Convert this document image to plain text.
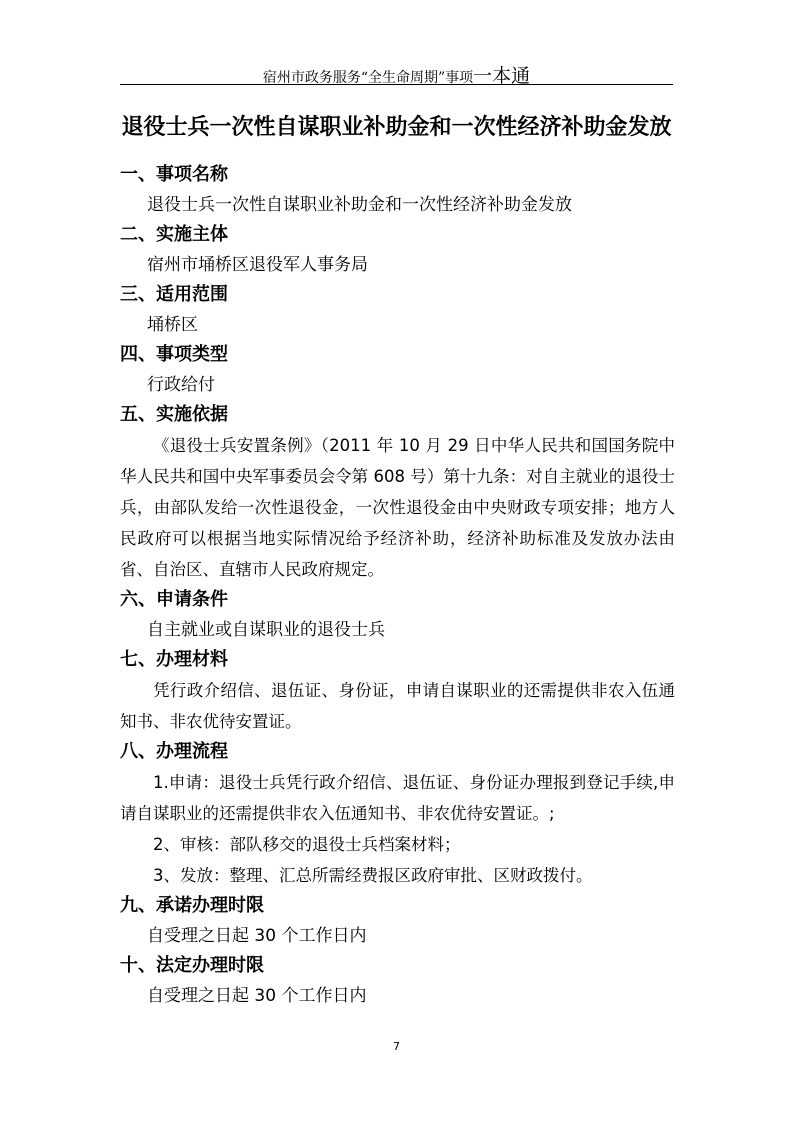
宿州市政务服务“全生命周期”事项一本通
退役士兵一次性自谋职业补助金和一次性经济补助金发放
一、事项名称
退役士兵一次性自谋职业补助金和一次性经济补助金发放
二、实施主体
宿州市埇桥区退役军人事务局
三、适用范围
埇桥区
四、事项类型
行政给付
五、实施依据

《退役士兵安置条例》（2011 年 10 月 29 日中华人民共和国国务院中华人民共和国中央军事委员会令第 608 号）第十九条：对自主就业的退役士兵，由部队发给一次性退役金，一次性退役金由中央财政专项安排；地方人民政府可以根据当地实际情况给予经济补助，经济补助标准及发放办法由省、自治区、直辖市人民政府规定。

六、申请条件
自主就业或自谋职业的退役士兵
七、办理材料

凭行政介绍信、退伍证、身份证，申请自谋职业的还需提供非农入伍通知书、非农优待安置证。

八、办理流程

1.申请：退役士兵凭行政介绍信、退伍证、身份证办理报到登记手续,申请自谋职业的还需提供非农入伍通知书、非农优待安置证。;

2、审核：部队移交的退役士兵档案材料；

3、发放：整理、汇总所需经费报区政府审批、区财政拨付。

九、承诺办理时限
自受理之日起 30 个工作日内
十、法定办理时限
自受理之日起 30 个工作日内
7
